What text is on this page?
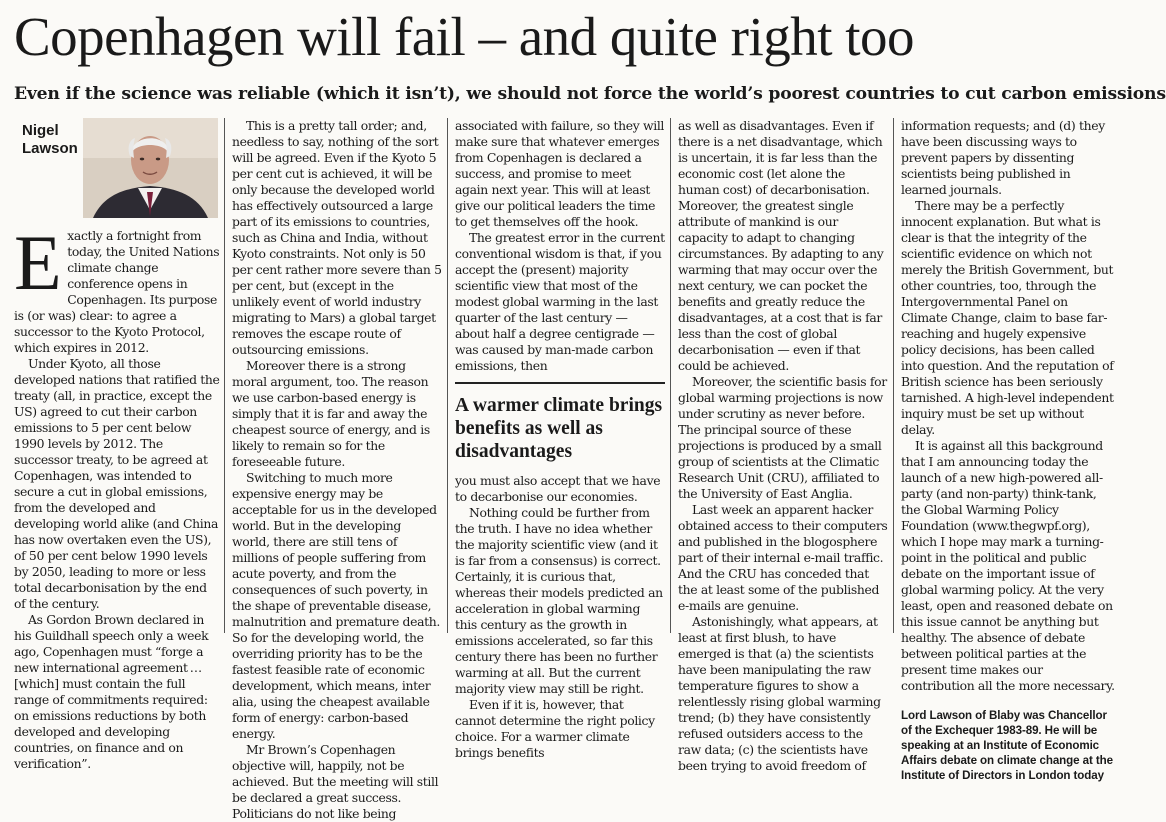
Copenhagen will fail – and quite right too
Even if the science was reliable (which it isn’t), we should not force the world’s poorest countries to cut carbon emissions
Nigel
Lawson

Exactly a fortnight from today, the United Nations climate change conference opens in Copenhagen. Its purpose is (or was) clear: to agree a successor to the Kyoto Protocol, which expires in 2012.

Under Kyoto, all those developed nations that ratified the treaty (all, in practice, except the US) agreed to cut their carbon emissions to 5 per cent below 1990 levels by 2012. The successor treaty, to be agreed at Copenhagen, was intended to secure a cut in global emissions, from the developed and developing world alike (and China has now overtaken even the US), of 50 per cent below 1990 levels by 2050, leading to more or less total decarbonisation by the end of the century.

As Gordon Brown declared in his Guildhall speech only a week ago, Copenhagen must “forge a new international agreement … [which] must contain the full range of commitments required: on emissions reductions by both developed and developing countries, on finance and on verification”.

This is a pretty tall order; and, needless to say, nothing of the sort will be agreed. Even if the Kyoto 5 per cent cut is achieved, it will be only because the developed world has effectively outsourced a large part of its emissions to countries, such as China and India, without Kyoto constraints. Not only is 50 per cent rather more severe than 5 per cent, but (except in the unlikely event of world industry migrating to Mars) a global target removes the escape route of outsourcing emissions.

Moreover there is a strong moral argument, too. The reason we use carbon-based energy is simply that it is far and away the cheapest source of energy, and is likely to remain so for the foreseeable future.

Switching to much more expensive energy may be acceptable for us in the developed world. But in the developing world, there are still tens of millions of people suffering from acute poverty, and from the consequences of such poverty, in the shape of preventable disease, malnutrition and premature death. So for the developing world, the overriding priority has to be the fastest feasible rate of economic development, which means, inter alia, using the cheapest available form of energy: carbon-based energy.

Mr Brown’s Copenhagen objective will, happily, not be achieved. But the meeting will still be declared a great success. Politicians do not like being

associated with failure, so they will make sure that whatever emerges from Copenhagen is declared a success, and promise to meet again next year. This will at least give our political leaders the time to get themselves off the hook.

The greatest error in the current conventional wisdom is that, if you accept the (present) majority scientific view that most of the modest global warming in the last quarter of the last century — about half a degree centigrade — was caused by man-made carbon emissions, then

A warmer climate brings benefits as well as disadvantages

you must also accept that we have to decarbonise our economies.

Nothing could be further from the truth. I have no idea whether the majority scientific view (and it is far from a consensus) is correct. Certainly, it is curious that, whereas their models predicted an acceleration in global warming this century as the growth in emissions accelerated, so far this century there has been no further warming at all. But the current majority view may still be right.

Even if it is, however, that cannot determine the right policy choice. For a warmer climate brings benefits

as well as disadvantages. Even if there is a net disadvantage, which is uncertain, it is far less than the economic cost (let alone the human cost) of decarbonisation. Moreover, the greatest single attribute of mankind is our capacity to adapt to changing circumstances. By adapting to any warming that may occur over the next century, we can pocket the benefits and greatly reduce the disadvantages, at a cost that is far less than the cost of global decarbonisation — even if that could be achieved.

Moreover, the scientific basis for global warming projections is now under scrutiny as never before. The principal source of these projections is produced by a small group of scientists at the Climatic Research Unit (CRU), affiliated to the University of East Anglia.

Last week an apparent hacker obtained access to their computers and published in the blogosphere part of their internal e-mail traffic. And the CRU has conceded that the at least some of the published e-mails are genuine.

Astonishingly, what appears, at least at first blush, to have emerged is that (a) the scientists have been manipulating the raw temperature figures to show a relentlessly rising global warming trend; (b) they have consistently refused outsiders access to the raw data; (c) the scientists have been trying to avoid freedom of

information requests; and (d) they have been discussing ways to prevent papers by dissenting scientists being published in learned journals.

There may be a perfectly innocent explanation. But what is clear is that the integrity of the scientific evidence on which not merely the British Government, but other countries, too, through the Intergovernmental Panel on Climate Change, claim to base far-reaching and hugely expensive policy decisions, has been called into question. And the reputation of British science has been seriously tarnished. A high-level independent inquiry must be set up without delay.

It is against all this background that I am announcing today the launch of a new high-powered all-party (and non-party) think-tank, the Global Warming Policy Foundation (www.thegwpf.org), which I hope may mark a turning-point in the political and public debate on the important issue of global warming policy. At the very least, open and reasoned debate on this issue cannot be anything but healthy. The absence of debate between political parties at the present time makes our contribution all the more necessary.

Lord Lawson of Blaby was Chancellor of the Exchequer 1983-89. He will be speaking at an Institute of Economic Affairs debate on climate change at the Institute of Directors in London today
